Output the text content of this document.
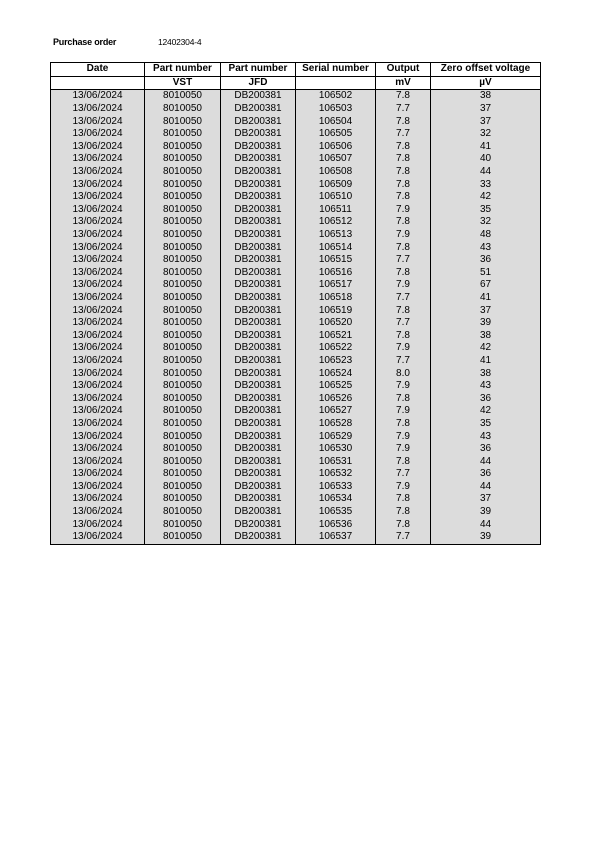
Purchase order	12402304-4
Date	Part number	Part number	Serial number	Output	Zero offset voltage
	VST	JFD		mV	µV
13/06/2024	8010050	DB200381	106502	7.8	38
13/06/2024	8010050	DB200381	106503	7.7	37
13/06/2024	8010050	DB200381	106504	7.8	37
13/06/2024	8010050	DB200381	106505	7.7	32
13/06/2024	8010050	DB200381	106506	7.8	41
13/06/2024	8010050	DB200381	106507	7.8	40
13/06/2024	8010050	DB200381	106508	7.8	44
13/06/2024	8010050	DB200381	106509	7.8	33
13/06/2024	8010050	DB200381	106510	7.8	42
13/06/2024	8010050	DB200381	106511	7.9	35
13/06/2024	8010050	DB200381	106512	7.8	32
13/06/2024	8010050	DB200381	106513	7.9	48
13/06/2024	8010050	DB200381	106514	7.8	43
13/06/2024	8010050	DB200381	106515	7.7	36
13/06/2024	8010050	DB200381	106516	7.8	51
13/06/2024	8010050	DB200381	106517	7.9	67
13/06/2024	8010050	DB200381	106518	7.7	41
13/06/2024	8010050	DB200381	106519	7.8	37
13/06/2024	8010050	DB200381	106520	7.7	39
13/06/2024	8010050	DB200381	106521	7.8	38
13/06/2024	8010050	DB200381	106522	7.9	42
13/06/2024	8010050	DB200381	106523	7.7	41
13/06/2024	8010050	DB200381	106524	8.0	38
13/06/2024	8010050	DB200381	106525	7.9	43
13/06/2024	8010050	DB200381	106526	7.8	36
13/06/2024	8010050	DB200381	106527	7.9	42
13/06/2024	8010050	DB200381	106528	7.8	35
13/06/2024	8010050	DB200381	106529	7.9	43
13/06/2024	8010050	DB200381	106530	7.9	36
13/06/2024	8010050	DB200381	106531	7.8	44
13/06/2024	8010050	DB200381	106532	7.7	36
13/06/2024	8010050	DB200381	106533	7.9	44
13/06/2024	8010050	DB200381	106534	7.8	37
13/06/2024	8010050	DB200381	106535	7.8	39
13/06/2024	8010050	DB200381	106536	7.8	44
13/06/2024	8010050	DB200381	106537	7.7	39
